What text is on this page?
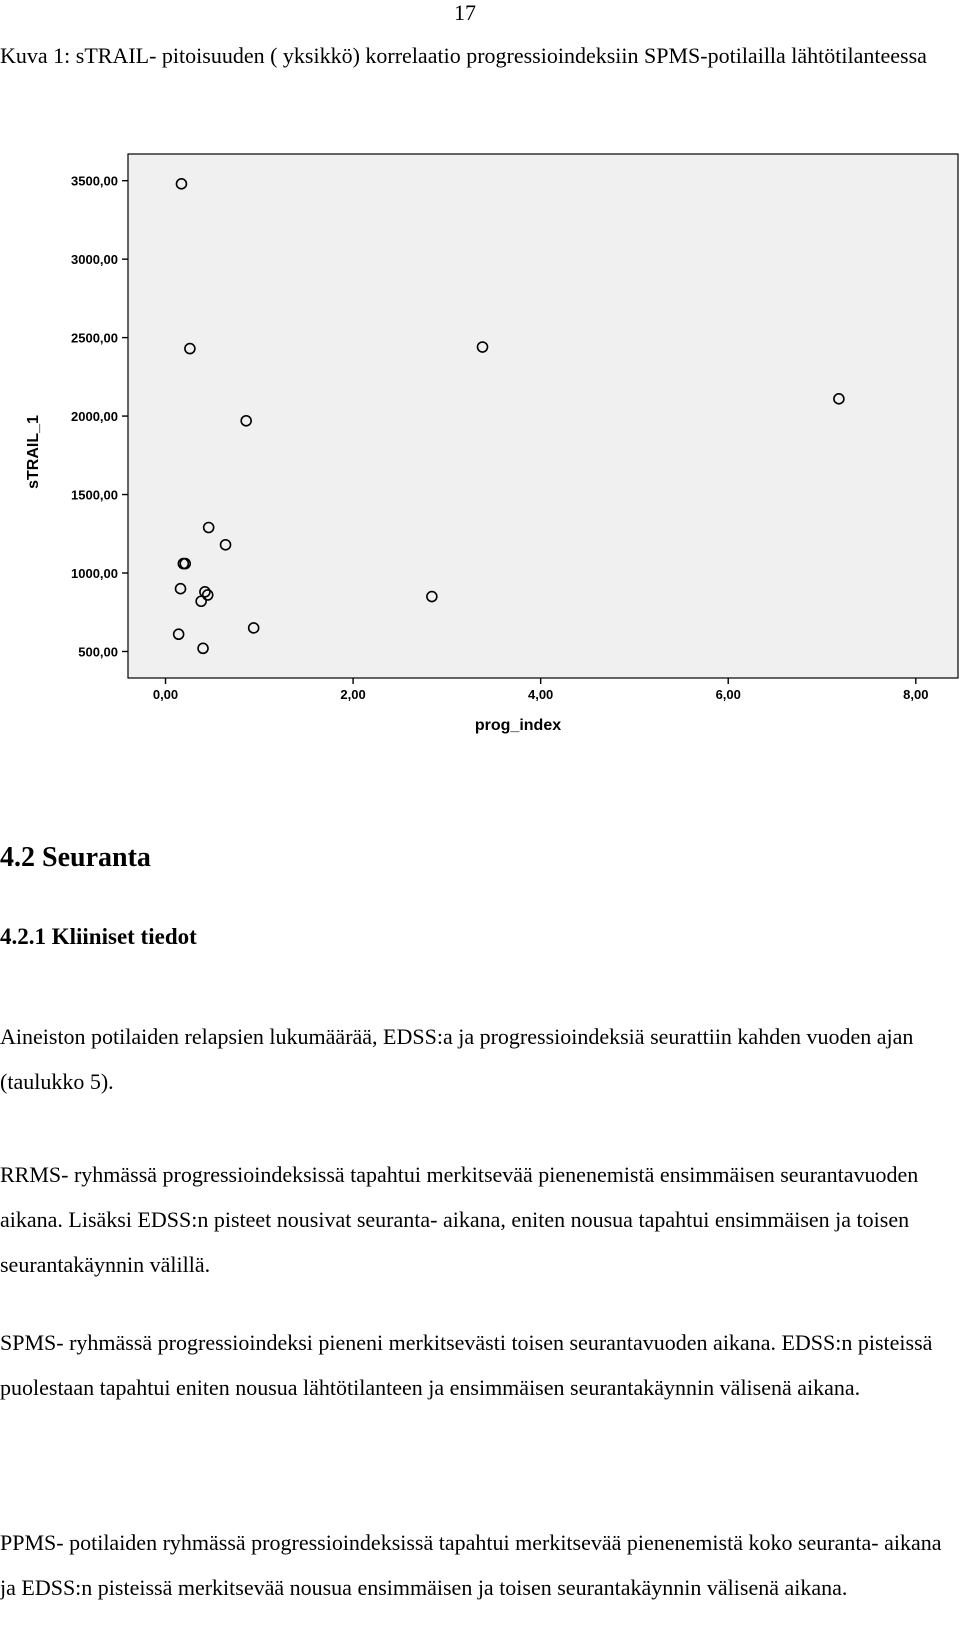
17
Kuva 1: sTRAIL- pitoisuuden ( yksikkö) korrelaatio progressioindeksiin SPMS-potilailla lähtötilanteessa
500,00
1000,00
1500,00
2000,00
2500,00
3000,00
3500,00
0,00	2,00	4,00	6,00	8,00
prog_index
sTRAIL_1
4.2 Seuranta
4.2.1 Kliiniset tiedot
Aineiston potilaiden relapsien lukumäärää, EDSS:a ja progressioindeksiä seurattiin kahden vuoden ajan (taulukko 5).
RRMS- ryhmässä progressioindeksissä tapahtui merkitsevää pienenemistä ensimmäisen seurantavuoden aikana. Lisäksi EDSS:n pisteet nousivat seuranta- aikana, eniten nousua tapahtui ensimmäisen ja toisen seurantakäynnin välillä.
SPMS- ryhmässä progressioindeksi pieneni merkitsevästi toisen seurantavuoden aikana. EDSS:n pisteissä puolestaan tapahtui eniten nousua lähtötilanteen ja ensimmäisen seurantakäynnin välisenä aikana.
PPMS- potilaiden ryhmässä progressioindeksissä tapahtui merkitsevää pienenemistä koko seuranta- aikana ja EDSS:n pisteissä merkitsevää nousua ensimmäisen ja toisen seurantakäynnin välisenä aikana.
